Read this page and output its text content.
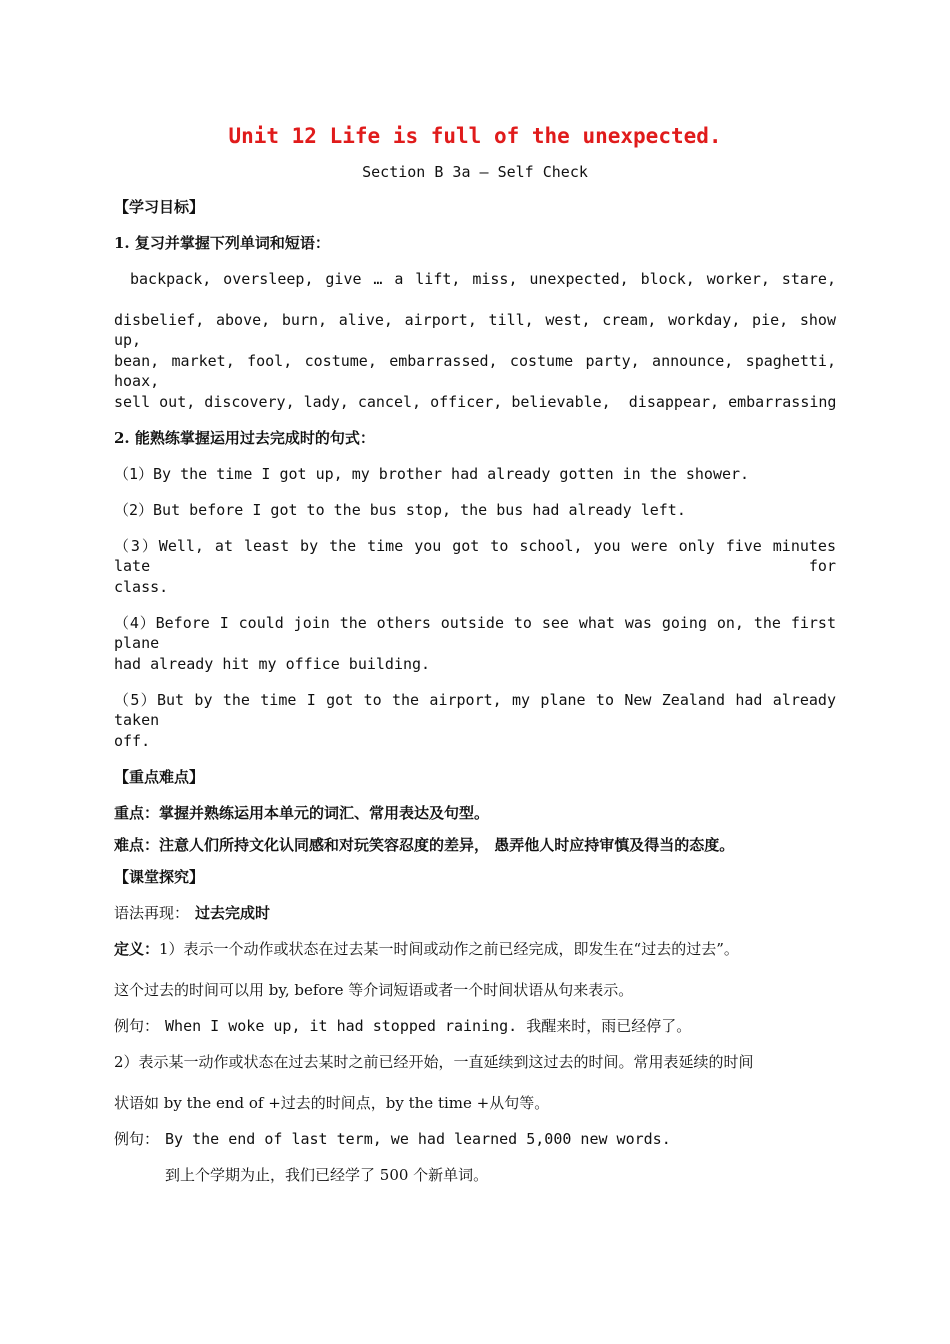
Unit 12 Life is full of the unexpected.
Section B 3a — Self Check
【学习目标】
1. 复习并掌握下列单词和短语：
backpack, oversleep, give … a lift, miss, unexpected, block, worker, stare,
disbelief, above, burn, alive, airport, till, west, cream, workday, pie, show up,
bean, market, fool, costume, embarrassed, costume party, announce, spaghetti, hoax,
sell out, discovery, lady, cancel, officer, believable,  disappear, embarrassing
2. 能熟练掌握运用过去完成时的句式：
（1）By the time I got up, my brother had already gotten in the shower.
（2）But before I got to the bus stop, the bus had already left.
（3）Well, at least by the time you got to school, you were only five minutes late for
class.
（4）Before I could join the others outside to see what was going on, the first plane
had already hit my office building.
（5）But by the time I got to the airport, my plane to New Zealand had already taken
off.
【重点难点】
重点：掌握并熟练运用本单元的词汇、常用表达及句型。
难点：注意人们所持文化认同感和对玩笑容忍度的差异， 愚弄他人时应持审慎及得当的态度。
【课堂探究】
语法再现： 过去完成时
定义：1）表示一个动作或状态在过去某一时间或动作之前已经完成，即发生在“过去的过去”。
这个过去的时间可以用 by, before 等介词短语或者一个时间状语从句来表示。
例句： When I woke up, it had stopped raining. 我醒来时，雨已经停了。
2）表示某一动作或状态在过去某时之前已经开始，一直延续到这过去的时间。常用表延续的时间
状语如 by the end of +过去的时间点，by the time +从句等。
例句： By the end of last term, we had learned 5,000 new words.
到上个学期为止，我们已经学了 500 个新单词。
